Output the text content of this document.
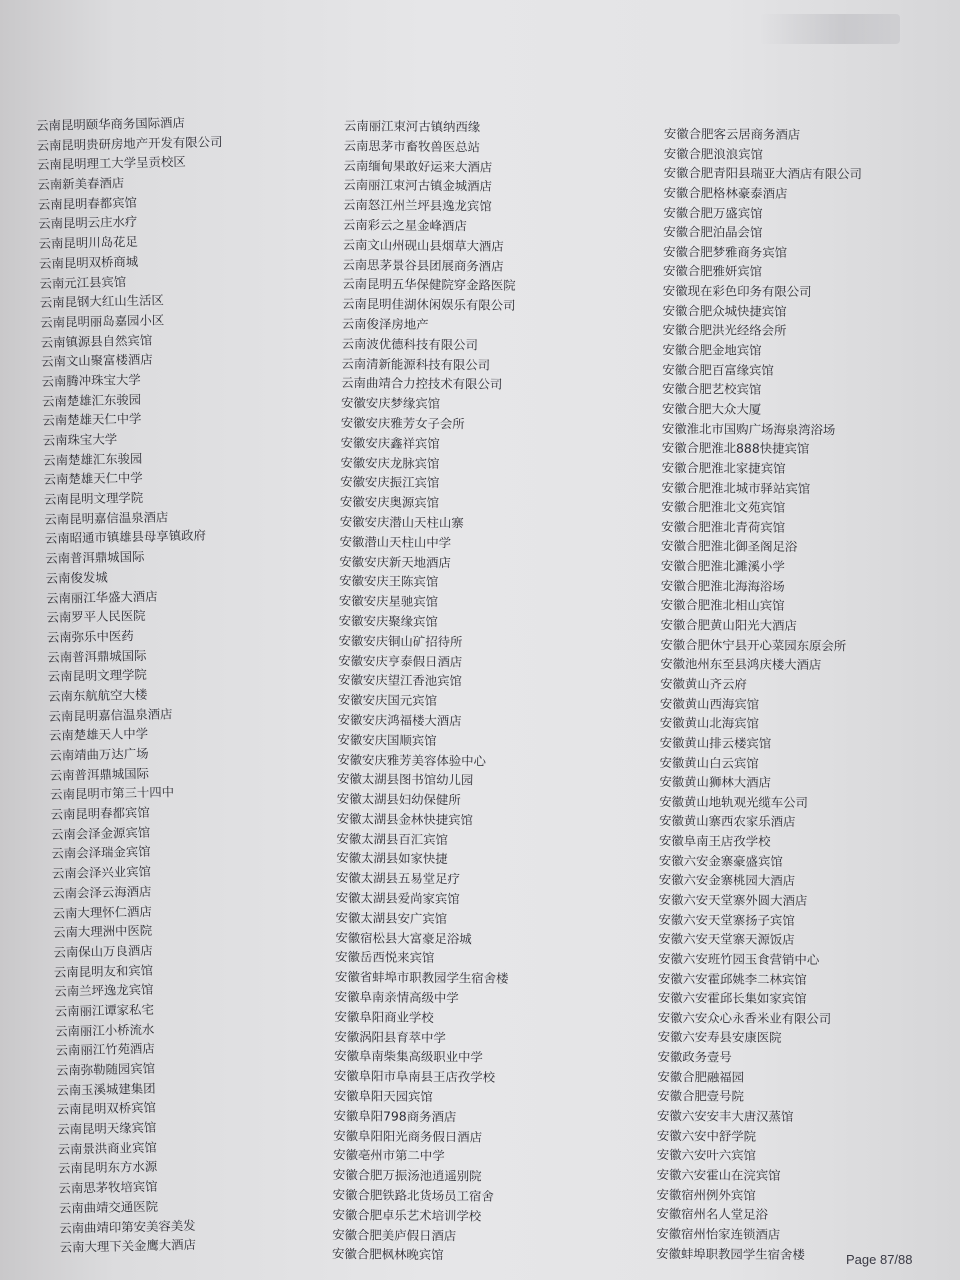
云南昆明颐华商务国际酒店
云南昆明贵研房地产开发有限公司
云南昆明理工大学呈贡校区
云南新美春酒店
云南昆明春都宾馆
云南昆明云庄水疗
云南昆明川岛花足
云南昆明双桥商城
云南元江县宾馆
云南昆钢大红山生活区
云南昆明丽岛嘉园小区
云南镇源县自然宾馆
云南文山聚富楼酒店
云南腾冲珠宝大学
云南楚雄汇东骏园
云南楚雄天仁中学
云南珠宝大学
云南楚雄汇东骏园
云南楚雄天仁中学
云南昆明文理学院
云南昆明嘉信温泉酒店
云南昭通市镇雄县母享镇政府
云南普洱鼎城国际
云南俊发城
云南丽江华盛大酒店
云南罗平人民医院
云南弥乐中医药
云南普洱鼎城国际
云南昆明文理学院
云南东航航空大楼
云南昆明嘉信温泉酒店
云南楚雄天人中学
云南靖曲万达广场
云南普洱鼎城国际
云南昆明市第三十四中
云南昆明春都宾馆
云南会泽金源宾馆
云南会泽瑞金宾馆
云南会泽兴业宾馆
云南会泽云海酒店
云南大理怀仁酒店
云南大理洲中医院
云南保山万良酒店
云南昆明友和宾馆
云南兰坪逸龙宾馆
云南丽江谭家私宅
云南丽江小桥流水
云南丽江竹苑酒店
云南弥勒随园宾馆
云南玉溪城建集团
云南昆明双桥宾馆
云南昆明天缘宾馆
云南景洪商业宾馆
云南昆明东方水源
云南思茅牧培宾馆
云南曲靖交通医院
云南曲靖印第安美容美发
云南大理下关金鹰大酒店
云南丽江束河古镇纳西缘
云南思茅市畜牧兽医总站
云南缅甸果敢好运来大酒店
云南丽江束河古镇金城酒店
云南怒江州兰坪县逸龙宾馆
云南彩云之星金峰酒店
云南文山州砚山县烟草大酒店
云南思茅景谷县团展商务酒店
云南昆明五华保健院穿金路医院
云南昆明佳湖休闲娱乐有限公司
云南俊泽房地产
云南波优德科技有限公司
云南清新能源科技有限公司
云南曲靖合力控技术有限公司
安徽安庆梦缘宾馆
安徽安庆雅芳女子会所
安徽安庆鑫祥宾馆
安徽安庆龙脉宾馆
安徽安庆振江宾馆
安徽安庆奥源宾馆
安徽安庆潜山天柱山寨
安徽潜山天柱山中学
安徽安庆新天地酒店
安徽安庆王陈宾馆
安徽安庆星驰宾馆
安徽安庆聚缘宾馆
安徽安庆铜山矿招待所
安徽安庆亨泰假日酒店
安徽安庆望江香池宾馆
安徽安庆国元宾馆
安徽安庆鸿福楼大酒店
安徽安庆国顺宾馆
安徽安庆雅芳美容体验中心
安徽太湖县图书馆幼儿园
安徽太湖县妇幼保健所
安徽太湖县金林快捷宾馆
安徽太湖县百汇宾馆
安徽太湖县如家快捷
安徽太湖县五易堂足疗
安徽太湖县爱尚家宾馆
安徽太湖县安广宾馆
安徽宿松县大富豪足浴城
安徽岳西悦来宾馆
安徽省蚌埠市职教园学生宿舍楼
安徽阜南亲情高级中学
安徽阜阳商业学校
安徽涡阳县育萃中学
安徽阜南柴集高级职业中学
安徽阜阳市阜南县王店孜学校
安徽阜阳天园宾馆
安徽阜阳798商务酒店
安徽阜阳阳光商务假日酒店
安徽亳州市第二中学
安徽合肥万振汤池逍遥别院
安徽合肥铁路北货场员工宿舍
安徽合肥卓乐艺术培训学校
安徽合肥美庐假日酒店
安徽合肥枫林晚宾馆
安徽合肥客云居商务酒店
安徽合肥浪浪宾馆
安徽合肥青阳县瑞亚大酒店有限公司
安徽合肥格林豪泰酒店
安徽合肥万盛宾馆
安徽合肥泊晶会馆
安徽合肥梦雅商务宾馆
安徽合肥雅妍宾馆
安徽现在彩色印务有限公司
安徽合肥众城快捷宾馆
安徽合肥洪光经络会所
安徽合肥金地宾馆
安徽合肥百富缘宾馆
安徽合肥艺校宾馆
安徽合肥大众大厦
安徽淮北市国购广场海泉湾浴场
安徽合肥淮北888快捷宾馆
安徽合肥淮北家捷宾馆
安徽合肥淮北城市驿站宾馆
安徽合肥淮北文苑宾馆
安徽合肥淮北青荷宾馆
安徽合肥淮北御圣阁足浴
安徽合肥淮北濉溪小学
安徽合肥淮北海海浴场
安徽合肥淮北相山宾馆
安徽合肥黄山阳光大酒店
安徽合肥休宁县开心菜园东原会所
安徽池州东至县鸿庆楼大酒店
安徽黄山齐云府
安徽黄山西海宾馆
安徽黄山北海宾馆
安徽黄山排云楼宾馆
安徽黄山白云宾馆
安徽黄山狮林大酒店
安徽黄山地轨观光缆车公司
安徽黄山寨西农家乐酒店
安徽阜南王店孜学校
安徽六安金寨豪盛宾馆
安徽六安金寨桃园大酒店
安徽六安天堂寨外圆大酒店
安徽六安天堂寨扬子宾馆
安徽六安天堂寨天源饭店
安徽六安班竹园玉食营销中心
安徽六安霍邱姚李二林宾馆
安徽六安霍邱长集如家宾馆
安徽六安众心永香米业有限公司
安徽六安寿县安康医院
安徽政务壹号
安徽合肥融福园
安徽合肥壹号院
安徽六安安丰大唐汉蒸馆
安徽六安中舒学院
安徽六安叶六宾馆
安徽六安霍山在浣宾馆
安徽宿州例外宾馆
安徽宿州名人堂足浴
安徽宿州怡家连锁酒店
安徽蚌埠职教园学生宿舍楼	Page 87/88
